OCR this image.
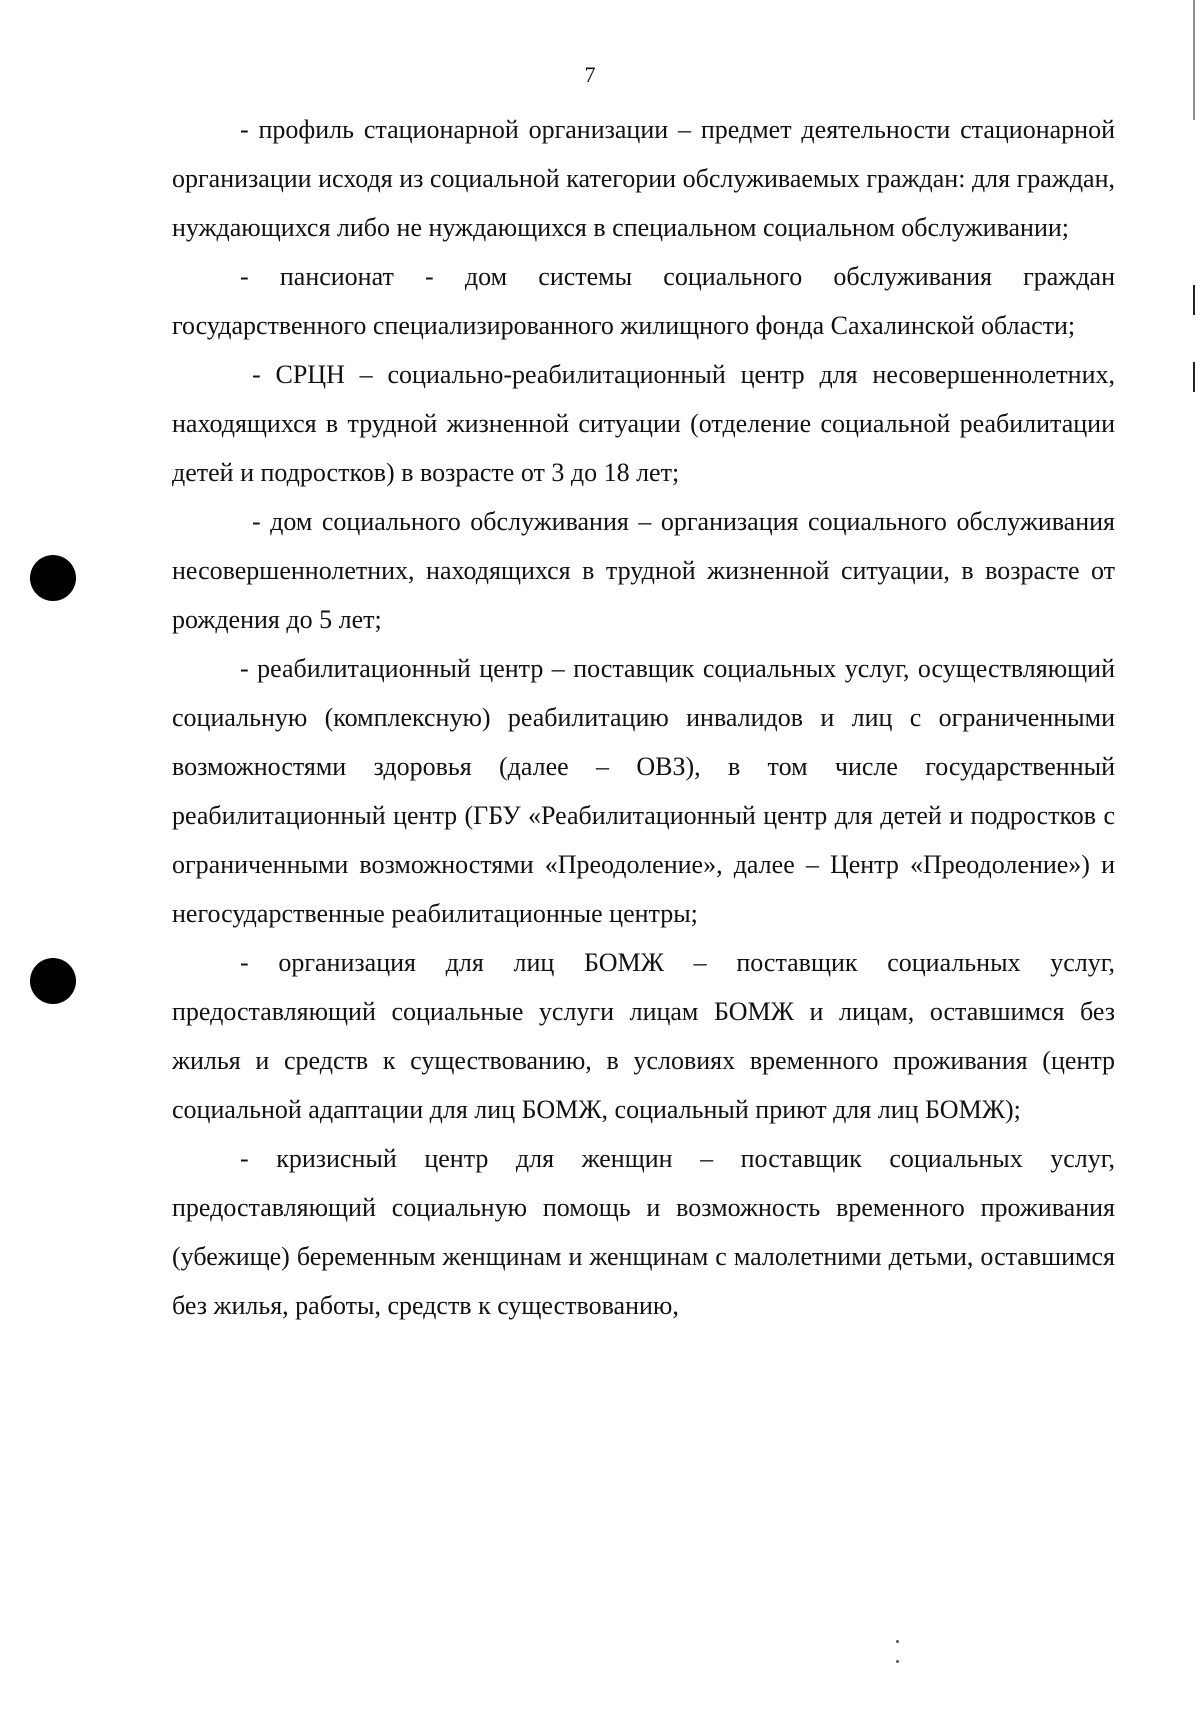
7

- профиль стационарной организации – предмет деятельности стационарной организации исходя из социальной категории обслуживаемых граждан: для граждан, нуждающихся либо не нуждающихся в специальном социальном обслуживании;

- пансионат - дом системы социального обслуживания граждан государственного специализированного жилищного фонда Сахалинской области;

- СРЦН – социально-реабилитационный центр для несовершеннолетних, находящихся в трудной жизненной ситуации (отделение социальной реабилитации детей и подростков) в возрасте от 3 до 18 лет;

- дом социального обслуживания – организация социального обслуживания несовершеннолетних, находящихся в трудной жизненной ситуации, в возрасте от рождения до 5 лет;

- реабилитационный центр – поставщик социальных услуг, осуществляющий социальную (комплексную) реабилитацию инвалидов и лиц с ограниченными возможностями здоровья (далее – ОВЗ), в том числе государственный реабилитационный центр (ГБУ «Реабилитационный центр для детей и подростков с ограниченными возможностями «Преодоление», далее – Центр «Преодоление») и негосударственные реабилитационные центры;

- организация для лиц БОМЖ – поставщик социальных услуг, предоставляющий социальные услуги лицам БОМЖ и лицам, оставшимся без жилья и средств к существованию, в условиях временного проживания (центр социальной адаптации для лиц БОМЖ, социальный приют для лиц БОМЖ);

- кризисный центр для женщин – поставщик социальных услуг, предоставляющий социальную помощь и возможность временного проживания (убежище) беременным женщинам и женщинам с малолетними детьми, оставшимся без жилья, работы, средств к существованию,
